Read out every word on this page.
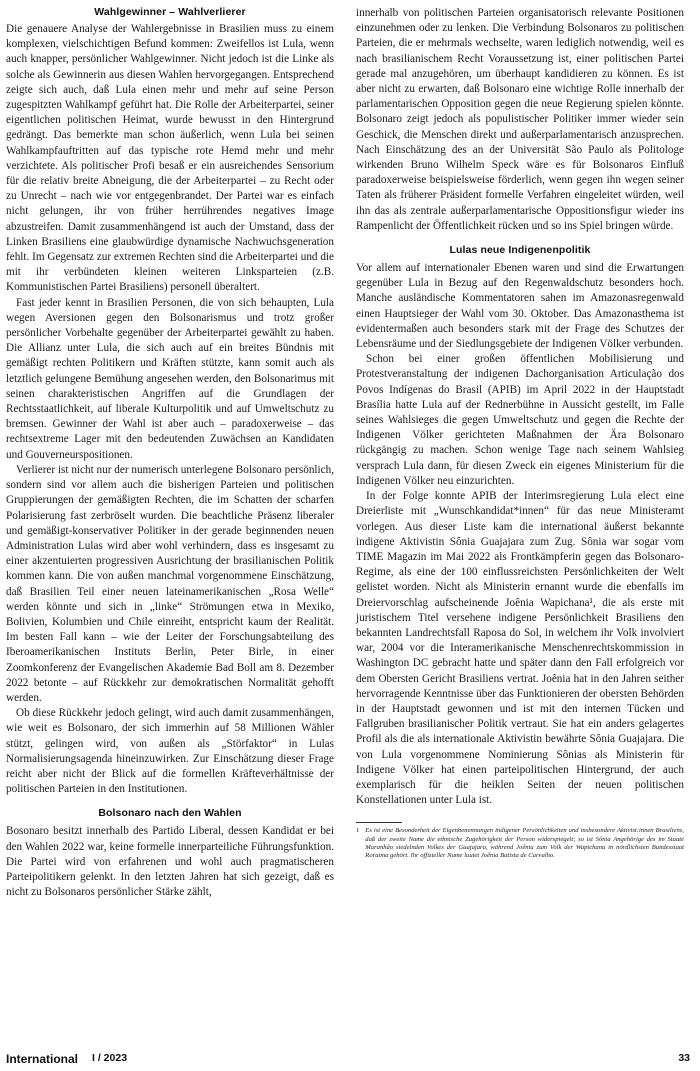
Wahlgewinner – Wahlverlierer

Die genauere Analyse der Wahlergebnisse in Brasilien muss zu einem komplexen, vielschichtigen Befund kommen: Zweifellos ist Lula, wenn auch knapper, persönlicher Wahlgewinner. Nicht jedoch ist die Linke als solche als Gewinnerin aus diesen Wahlen hervorgegangen. Entsprechend zeigte sich auch, daß Lula einen mehr und mehr auf seine Person zugespitzten Wahlkampf geführt hat. Die Rolle der Arbeiterpartei, seiner eigentlichen politischen Heimat, wurde bewusst in den Hintergrund gedrängt. Das bemerkte man schon äußerlich, wenn Lula bei seinen Wahlkampfauftritten auf das typische rote Hemd mehr und mehr verzichtete. Als politischer Profi besaß er ein ausreichendes Sensorium für die relativ breite Abneigung, die der Arbeiterpartei – zu Recht oder zu Unrecht – nach wie vor entgegenbrandet. Der Partei war es einfach nicht gelungen, ihr von früher herrührendes negatives Image abzustreifen. Damit zusammenhängend ist auch der Umstand, dass der Linken Brasiliens eine glaubwürdige dynamische Nachwuchsgeneration fehlt. Im Gegensatz zur extremen Rechten sind die Arbeiterpartei und die mit ihr verbündeten kleinen weiteren Linksparteien (z.B. Kommunistischen Partei Brasiliens) personell überaltert.

Fast jeder kennt in Brasilien Personen, die von sich behaupten, Lula wegen Aversionen gegen den Bolsonarismus und trotz großer persönlicher Vorbehalte gegenüber der Arbeiterpartei gewählt zu haben. Die Allianz unter Lula, die sich auch auf ein breites Bündnis mit gemäßigt rechten Politikern und Kräften stützte, kann somit auch als letztlich gelungene Bemühung angesehen werden, den Bolsonarimus mit seinen charakteristischen Angriffen auf die Grundlagen der Rechtsstaatlichkeit, auf liberale Kulturpolitik und auf Umweltschutz zu bremsen. Gewinner der Wahl ist aber auch – paradoxerweise – das rechtsextreme Lager mit den bedeutenden Zuwächsen an Kandidaten und Gouverneurspositionen.

Verlierer ist nicht nur der numerisch unterlegene Bolsonaro persönlich, sondern sind vor allem auch die bisherigen Parteien und politischen Gruppierungen der gemäßigten Rechten, die im Schatten der scharfen Polarisierung fast zerbröselt wurden. Die beachtliche Präsenz liberaler und gemäßigt-konservativer Politiker in der gerade beginnenden neuen Administration Lulas wird aber wohl verhindern, dass es insgesamt zu einer akzentuierten progressiven Ausrichtung der brasilianischen Politik kommen kann. Die von außen manchmal vorgenommene Einschätzung, daß Brasilien Teil einer neuen lateinamerikanischen „Rosa Welle“ werden könnte und sich in „linke“ Strömungen etwa in Mexiko, Bolivien, Kolumbien und Chile einreiht, entspricht kaum der Realität. Im besten Fall kann – wie der Leiter der Forschungsabteilung des Iberoamerikanischen Instituts Berlin, Peter Birle, in einer Zoomkonferenz der Evangelischen Akademie Bad Boll am 8. Dezember 2022 betonte – auf Rückkehr zur demokratischen Normalität gehofft werden.

Ob diese Rückkehr jedoch gelingt, wird auch damit zusammenhängen, wie weit es Bolsonaro, der sich immerhin auf 58 Millionen Wähler stützt, gelingen wird, von außen als „Störfaktor“ in Lulas Normalisierungsagenda hineinzuwirken. Zur Einschätzung dieser Frage reicht aber nicht der Blick auf die formellen Kräfteverhältnisse der politischen Parteien in den Institutionen.

Bolsonaro nach den Wahlen

Bosonaro besitzt innerhalb des Partido Liberal, dessen Kandidat er bei den Wahlen 2022 war, keine formelle innerparteiliche Führungsfunktion. Die Partei wird von erfahrenen und wohl auch pragmatischeren Parteipolitikern gelenkt. In den letzten Jahren hat sich gezeigt, daß es nicht zu Bolsonaros persönlicher Stärke zählt,

innerhalb von politischen Parteien organisatorisch relevante Positionen einzunehmen oder zu lenken. Die Verbindung Bolsonaros zu politischen Parteien, die er mehrmals wechselte, waren lediglich notwendig, weil es nach brasilianischem Recht Voraussetzung ist, einer politischen Partei gerade mal anzugehören, um überhaupt kandidieren zu können. Es ist aber nicht zu erwarten, daß Bolsonaro eine wichtige Rolle innerhalb der parlamentarischen Opposition gegen die neue Regierung spielen könnte. Bolsonaro zeigt jedoch als populistischer Politiker immer wieder sein Geschick, die Menschen direkt und außerparlamentarisch anzusprechen. Nach Einschätzung des an der Universität São Paulo als Politologe wirkenden Bruno Wilhelm Speck wäre es für Bolsonaros Einfluß paradoxerweise beispielsweise förderlich, wenn gegen ihn wegen seiner Taten als früherer Präsident formelle Verfahren eingeleitet würden, weil ihn das als zentrale außerparlamentarische Oppositionsfigur wieder ins Rampenlicht der Öffentlichkeit rücken und so ins Spiel bringen würde.

Lulas neue Indigenenpolitik

Vor allem auf internationaler Ebenen waren und sind die Erwartungen gegenüber Lula in Bezug auf den Regenwaldschutz besonders hoch. Manche ausländische Kommentatoren sahen im Amazonasregenwald einen Hauptsieger der Wahl vom 30. Oktober. Das Amazonasthema ist evidentermaßen auch besonders stark mit der Frage des Schutzes der Lebensräume und der Siedlungsgebiete der Indigenen Völker verbunden.

Schon bei einer großen öffentlichen Mobilisierung und Protestveranstaltung der indigenen Dachorganisation Articulação dos Povos Indígenas do Brasil (APIB) im April 2022 in der Hauptstadt Brasília hatte Lula auf der Rednerbühne in Aussicht gestellt, im Falle seines Wahlsieges die gegen Umweltschutz und gegen die Rechte der Indigenen Völker gerichteten Maßnahmen der Ära Bolsonaro rückgängig zu machen. Schon wenige Tage nach seinem Wahlsieg versprach Lula dann, für diesen Zweck ein eigenes Ministerium für die Indigenen Völker neu einzurichten.

In der Folge konnte APIB der Interimsregierung Lula elect eine Dreierliste mit „Wunschkandidat*innen“ für das neue Ministeramt vorlegen. Aus dieser Liste kam die international äußerst bekannte indigene Aktivistin Sônia Guajajara zum Zug. Sônia war sogar vom TIME Magazin im Mai 2022 als Frontkämpferin gegen das Bolsonaro-Regime, als eine der 100 einflussreichsten Persönlichkeiten der Welt gelistet worden. Nicht als Ministerin ernannt wurde die ebenfalls im Dreiervorschlag aufscheinende Joênia Wapichana¹, die als erste mit juristischem Titel versehene indigene Persönlichkeit Brasiliens den bekannten Landrechtsfall Raposa do Sol, in welchem ihr Volk involviert war, 2004 vor die Interamerikanische Menschenrechtskommission in Washington DC gebracht hatte und später dann den Fall erfolgreich vor dem Obersten Gericht Brasiliens vertrat. Joênia hat in den Jahren seither hervorragende Kenntnisse über das Funktionieren der obersten Behörden in der Hauptstadt gewonnen und ist mit den internen Tücken und Fallgruben brasilianischer Politik vertraut. Sie hat ein anders gelagertes Profil als die als internationale Aktivistin bewährte Sônia Guajajara. Die von Lula vorgenommene Nominierung Sônias als Ministerin für Indigene Völker hat einen parteipolitischen Hintergrund, der auch exemplarisch für die heiklen Seiten der neuen politischen Konstellationen unter Lula ist.

1 Es ist eine Besonderheit der Eigenbenennungen indigener Persönlichkeiten und insbesondere Aktivist:innen Brasiliens, daß der zweite Name die ethnische Zugehörigkeit der Person widerspiegelt; so ist Sônia Angehörige des im Staate Maranhão siedelnden Volkes der Guajajara, während Joênia zum Volk der Wapichana in nördlichsten Bundesstaat Roraima gehört. Ihr offizieller Name lautet Joênia Batista de Carvalho.
International I / 2023	33
